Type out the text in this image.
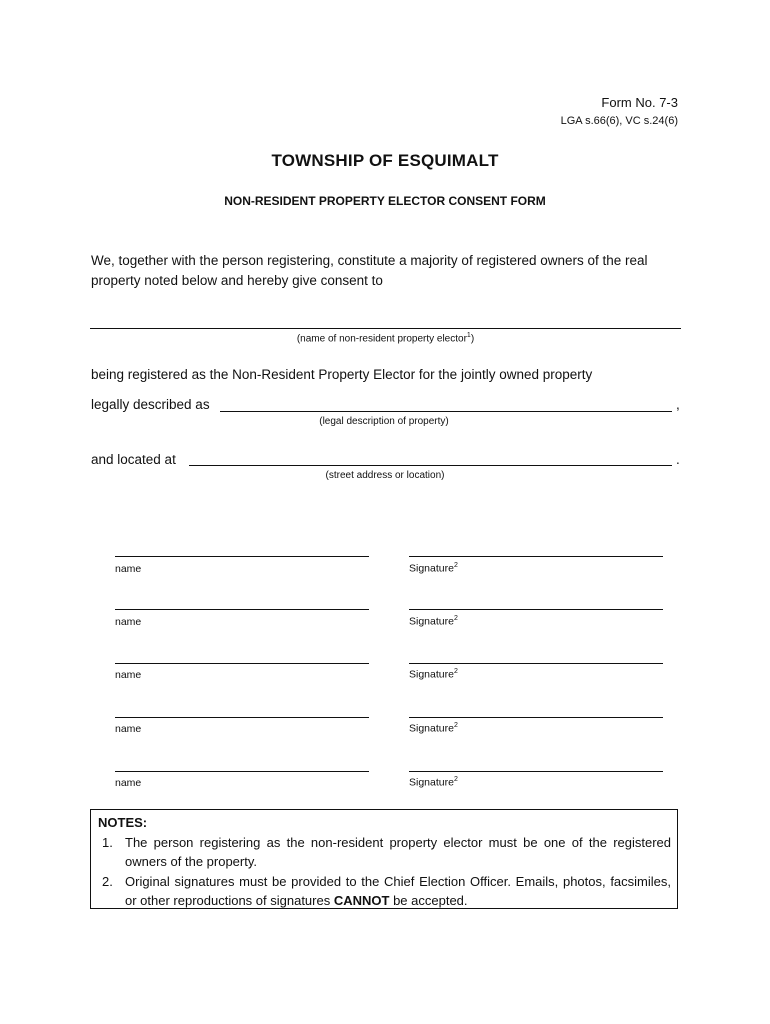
Form No. 7-3
LGA s.66(6), VC s.24(6)
TOWNSHIP OF ESQUIMALT
NON-RESIDENT PROPERTY ELECTOR CONSENT FORM
We, together with the person registering, constitute a majority of registered owners of the real property noted below and hereby give consent to
(name of non-resident property elector$^1$)
being registered as the Non-Resident Property Elector for the jointly owned property
legally described as	,
(legal description of property)
and located at	.
(street address or location)
name	Signature$^2$
name	Signature$^2$
name	Signature$^2$
name	Signature$^2$
name	Signature$^2$
NOTES:
1. The person registering as the non-resident property elector must be one of the registered owners of the property.
2. Original signatures must be provided to the Chief Election Officer. Emails, photos, facsimiles, or other reproductions of signatures CANNOT be accepted.
